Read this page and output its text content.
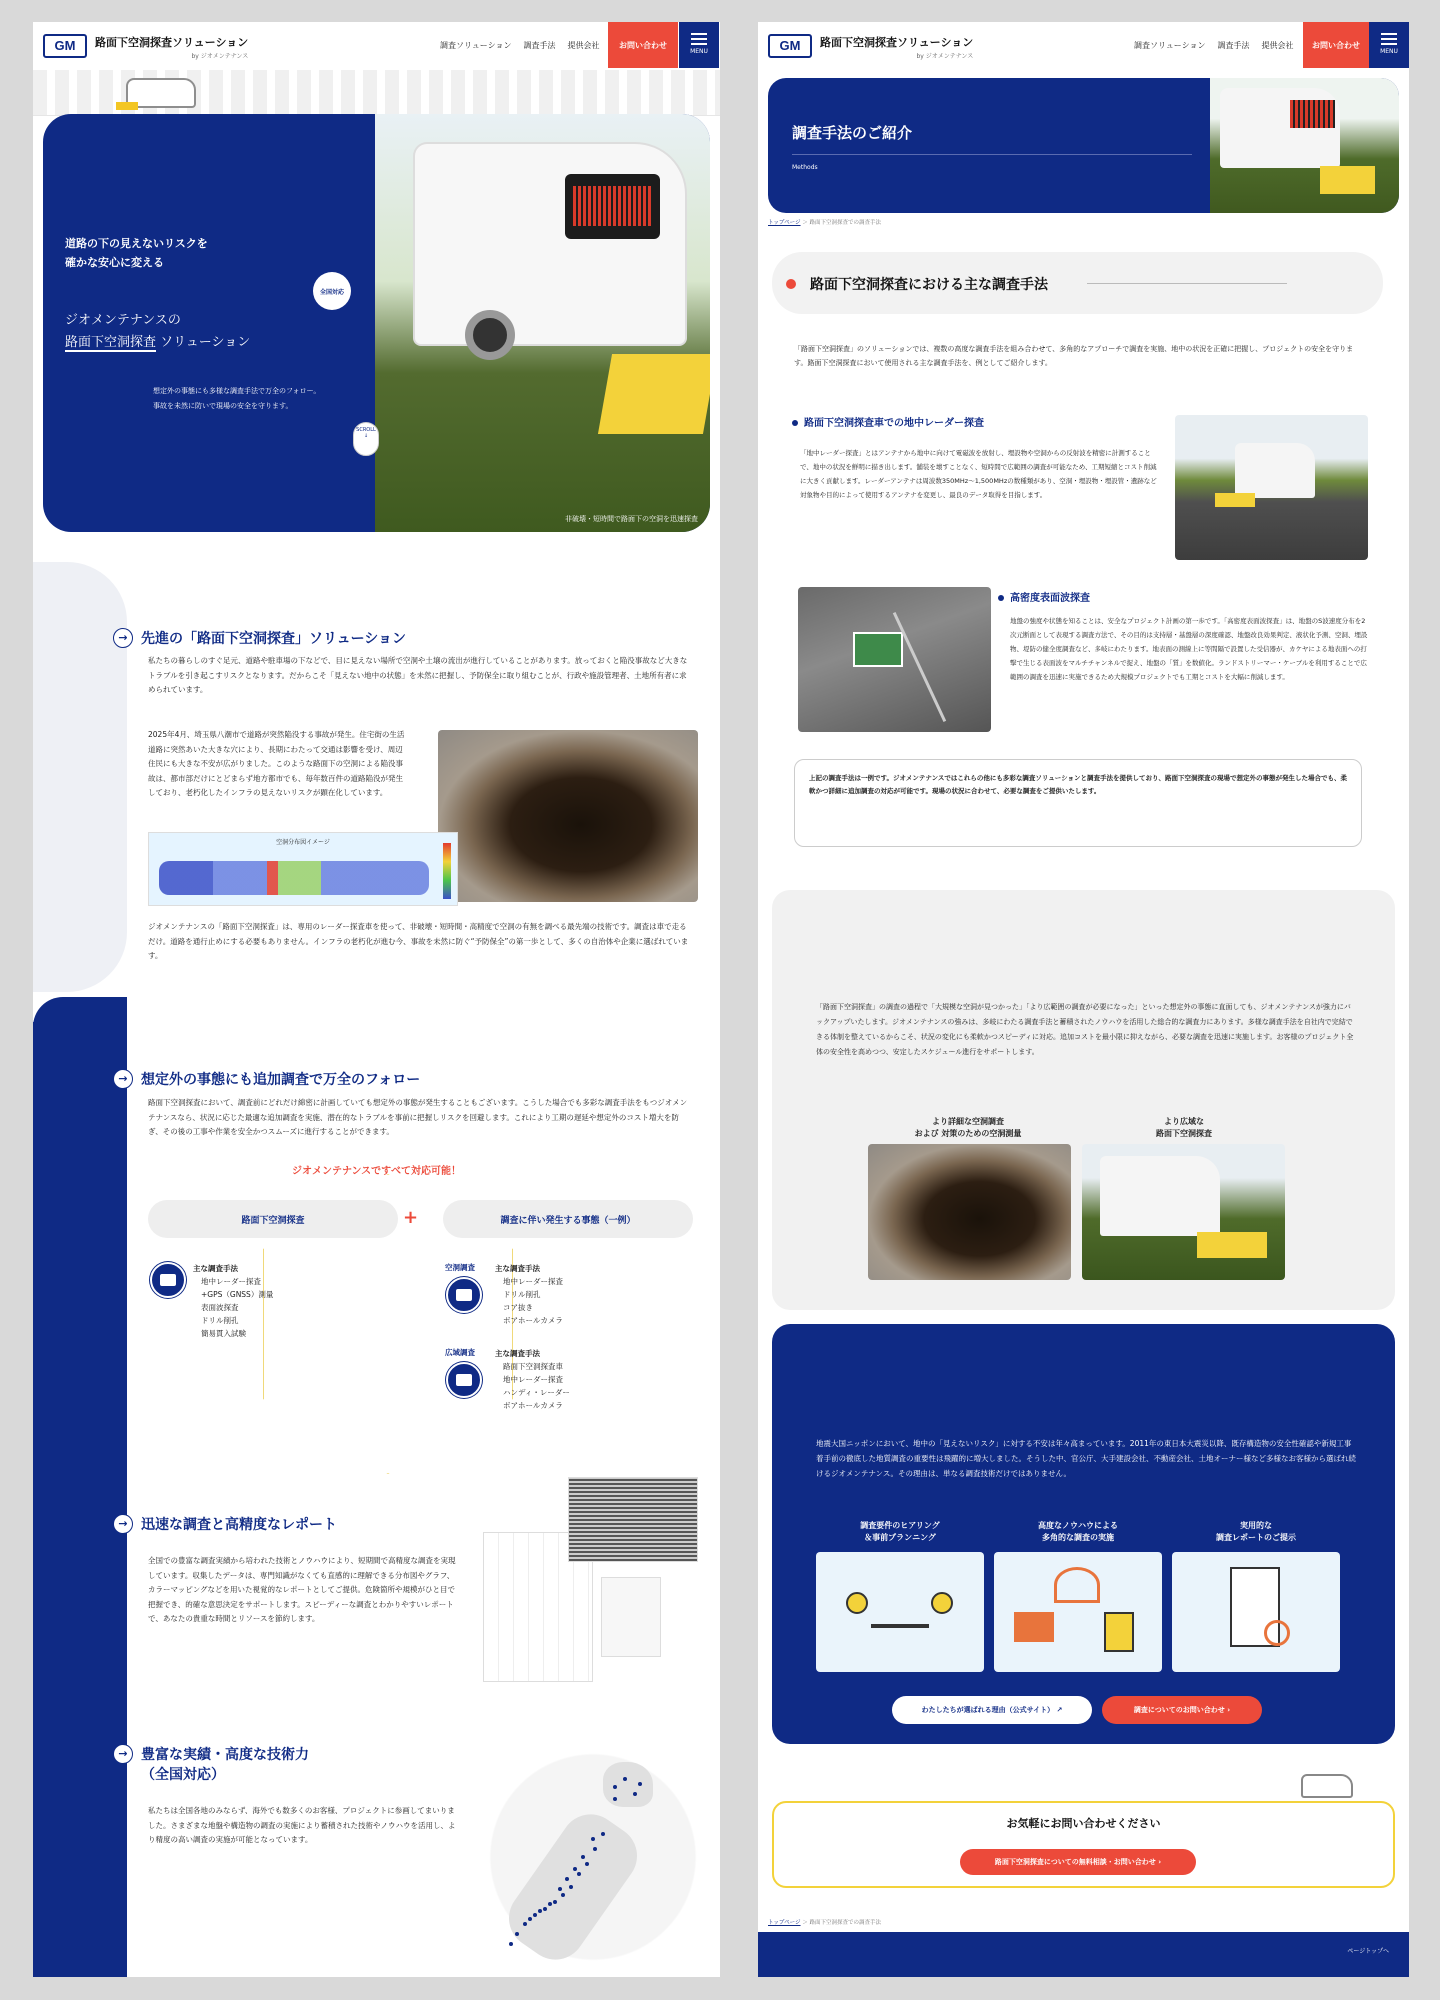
GM	路面下空洞探査ソリューション
by ジオメンテナンス
調査ソリューション 調査手法 提供会社	お問い合わせ
MENU
道路の下の見えないリスクを
確かな安心に変える
ジオメンテナンスの
路面下空洞探査 ソリューション
想定外の事態にも多様な調査手法で万全のフォロー。
事故を未然に防いで現場の安全を守ります。
全国対応
非破壊・短時間で路面下の空洞を迅速探査
SCROLL
↓
→ 先進の「路面下空洞探査」ソリューション
私たちの暮らしのすぐ足元、道路や駐車場の下などで、目に見えない場所で空洞や土壌の流出が進行していることがあります。放っておくと陥没事故など大きなトラブルを引き起こすリスクとなります。だからこそ「見えない地中の状態」を未然に把握し、予防保全に取り組むことが、行政や施設管理者、土地所有者に求められています。
2025年4月、埼玉県八潮市で道路が突然陥没する事故が発生。住宅街の生活道路に突然あいた大きな穴により、長期にわたって交通は影響を受け、周辺住民にも大きな不安が広がりました。このような路面下の空洞による陥没事故は、都市部だけにとどまらず地方都市でも、毎年数百件の道路陥没が発生しており、老朽化したインフラの見えないリスクが顕在化しています。
空洞分布図イメージ
ジオメンテナンスの「路面下空洞探査」は、専用のレーダー探査車を使って、非破壊・短時間・高精度で空洞の有無を調べる最先端の技術です。調査は車で走るだけ。道路を通行止めにする必要もありません。インフラの老朽化が進む今、事故を未然に防ぐ“予防保全”の第一歩として、多くの自治体や企業に選ばれています。
→ 想定外の事態にも追加調査で万全のフォロー
路面下空洞探査において、調査前にどれだけ綿密に計画していても想定外の事態が発生することもございます。こうした場合でも多彩な調査手法をもつジオメンテナンスなら、状況に応じた最適な追加調査を実施、潜在的なトラブルを事前に把握しリスクを回避します。これにより工期の遅延や想定外のコスト増大を防ぎ、その後の工事や作業を安全かつスムーズに進行することができます。
ジオメンテナンスですべて対応可能！
路面下空洞探査	+	調査に伴い発生する事態（一例）
主な調査手法
地中レーダー探査
+GPS（GNSS）測量
表面波探査
ドリル削孔
簡易貫入試験
空洞調査	主な調査手法
地中レーダー探査
ドリル削孔
コア抜き
ボアホールカメラ
広域調査	主な調査手法
路面下空洞探査車
地中レーダー探査
ハンディ・レーダー
ボアホールカメラ
→ 迅速な調査と高精度なレポート
全国での豊富な調査実績から培われた技術とノウハウにより、短期間で高精度な調査を実現しています。収集したデータは、専門知識がなくても直感的に理解できる分布図やグラフ、カラーマッピングなどを用いた視覚的なレポートとしてご提供。危険箇所や規模がひと目で把握でき、的確な意思決定をサポートします。スピーディーな調査とわかりやすいレポートで、あなたの貴重な時間とリソースを節約します。
→ 豊富な実績・高度な技術力
（全国対応）
私たちは全国各地のみならず、海外でも数多くのお客様、プロジェクトに参画してまいりました。さまざまな地盤や構造物の調査の実施により蓄積された技術やノウハウを活用し、より精度の高い調査の実施が可能となっています。
GM	路面下空洞探査ソリューション
by ジオメンテナンス
調査ソリューション 調査手法 提供会社	お問い合わせ
MENU
調査手法のご紹介
Methods
トップページ ＞ 路面下空洞探査での調査手法
路面下空洞探査における主な調査手法
「路面下空洞探査」のソリューションでは、複数の高度な調査手法を組み合わせて、多角的なアプローチで調査を実施、地中の状況を正確に把握し、プロジェクトの安全を守ります。路面下空洞探査において使用される主な調査手法を、例としてご紹介します。
路面下空洞探査車での地中レーダー探査
「地中レーダー探査」とはアンテナから地中に向けて電磁波を放射し、埋設物や空洞からの反射波を精密に計測することで、地中の状況を鮮明に描き出します。舗装を壊すことなく、短時間で広範囲の調査が可能なため、工期短縮とコスト削減に大きく貢献します。レーダーアンテナは周波数350MHz～1,500MHzの数種類があり、空洞・埋設物・埋設管・遺跡など対象物や目的によって使用するアンテナを変更し、最良のデータ取得を目指します。
高密度表面波探査
地盤の強度や状態を知ることは、安全なプロジェクト計画の第一歩です。「高密度表面波探査」は、地盤のS波速度分布を2次元断面として表現する調査方法で、その目的は支持層・基盤層の深度確認、地盤改良効果判定、液状化予測、空洞、埋設物、堤防の健全度調査など、多岐にわたります。地表面の測線上に等間隔で設置した受信器が、カケヤによる地表面への打撃で生じる表面波をマルチチャンネルで捉え、地盤の「質」を数値化。ランドストリーマー・ケーブルを利用することで広範囲の調査を迅速に実施できるため大規模プロジェクトでも工期とコストを大幅に削減します。
上記の調査手法は一例です。ジオメンテナンスではこれらの他にも多彩な調査ソリューションと調査手法を提供しており、路面下空洞探査の現場で想定外の事態が発生した場合でも、柔軟かつ詳細に追加調査の対応が可能です。現場の状況に合わせて、必要な調査をご提供いたします。
「路面下空洞探査」の調査の過程で「大規模な空洞が見つかった」「より広範囲の調査が必要になった」といった想定外の事態に直面しても、ジオメンテナンスが強力にバックアップいたします。ジオメンテナンスの強みは、多岐にわたる調査手法と蓄積されたノウハウを活用した総合的な調査力にあります。多様な調査手法を自社内で完結できる体制を整えているからこそ、状況の変化にも柔軟かつスピーディに対応。追加コストを最小限に抑えながら、必要な調査を迅速に実施します。お客様のプロジェクト全体の安全性を高めつつ、安定したスケジュール進行をサポートします。
より詳細な空洞調査
および 対策のための空洞測量
より広域な
路面下空洞探査
地震大国ニッポンにおいて、地中の「見えないリスク」に対する不安は年々高まっています。2011年の東日本大震災以降、既存構造物の安全性確認や新規工事着手前の徹底した地質調査の重要性は飛躍的に増大しました。そうした中、官公庁、大手建設会社、不動産会社、土地オーナー様など多様なお客様から選ばれ続けるジオメンテナンス。その理由は、単なる調査技術だけではありません。
調査要件のヒアリング
＆事前プランニング
高度なノウハウによる
多角的な調査の実施
実用的な
調査レポートのご提示
わたしたちが選ばれる理由（公式サイト）
↗	調査についてのお問い合わせ
›
お気軽にお問い合わせください
路面下空洞探査についての無料相談・お問い合わせ
›
トップページ ＞ 路面下空洞探査での調査手法
ページトップへ
